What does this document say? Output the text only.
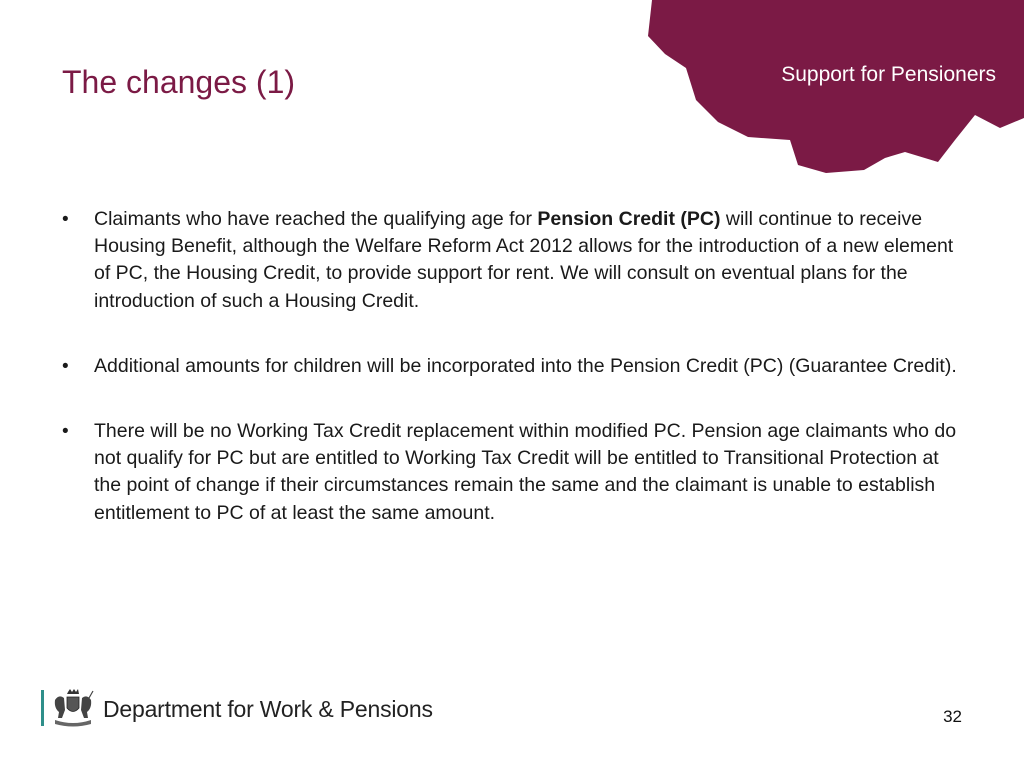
Support for Pensioners
The changes (1)
• Claimants who have reached the qualifying age for Pension Credit (PC) will continue to receive Housing Benefit, although the Welfare Reform Act 2012 allows for the introduction of a new element of PC, the Housing Credit, to provide support for rent. We will consult on eventual plans for the introduction of such a Housing Credit.
• Additional amounts for children will be incorporated into the Pension Credit (PC) (Guarantee Credit).
• There will be no Working Tax Credit replacement within modified PC. Pension age claimants who do not qualify for PC but are entitled to Working Tax Credit will be entitled to Transitional Protection at the point of change if their circumstances remain the same and the claimant is unable to establish entitlement to PC of at least the same amount.
Department for Work & Pensions	32
